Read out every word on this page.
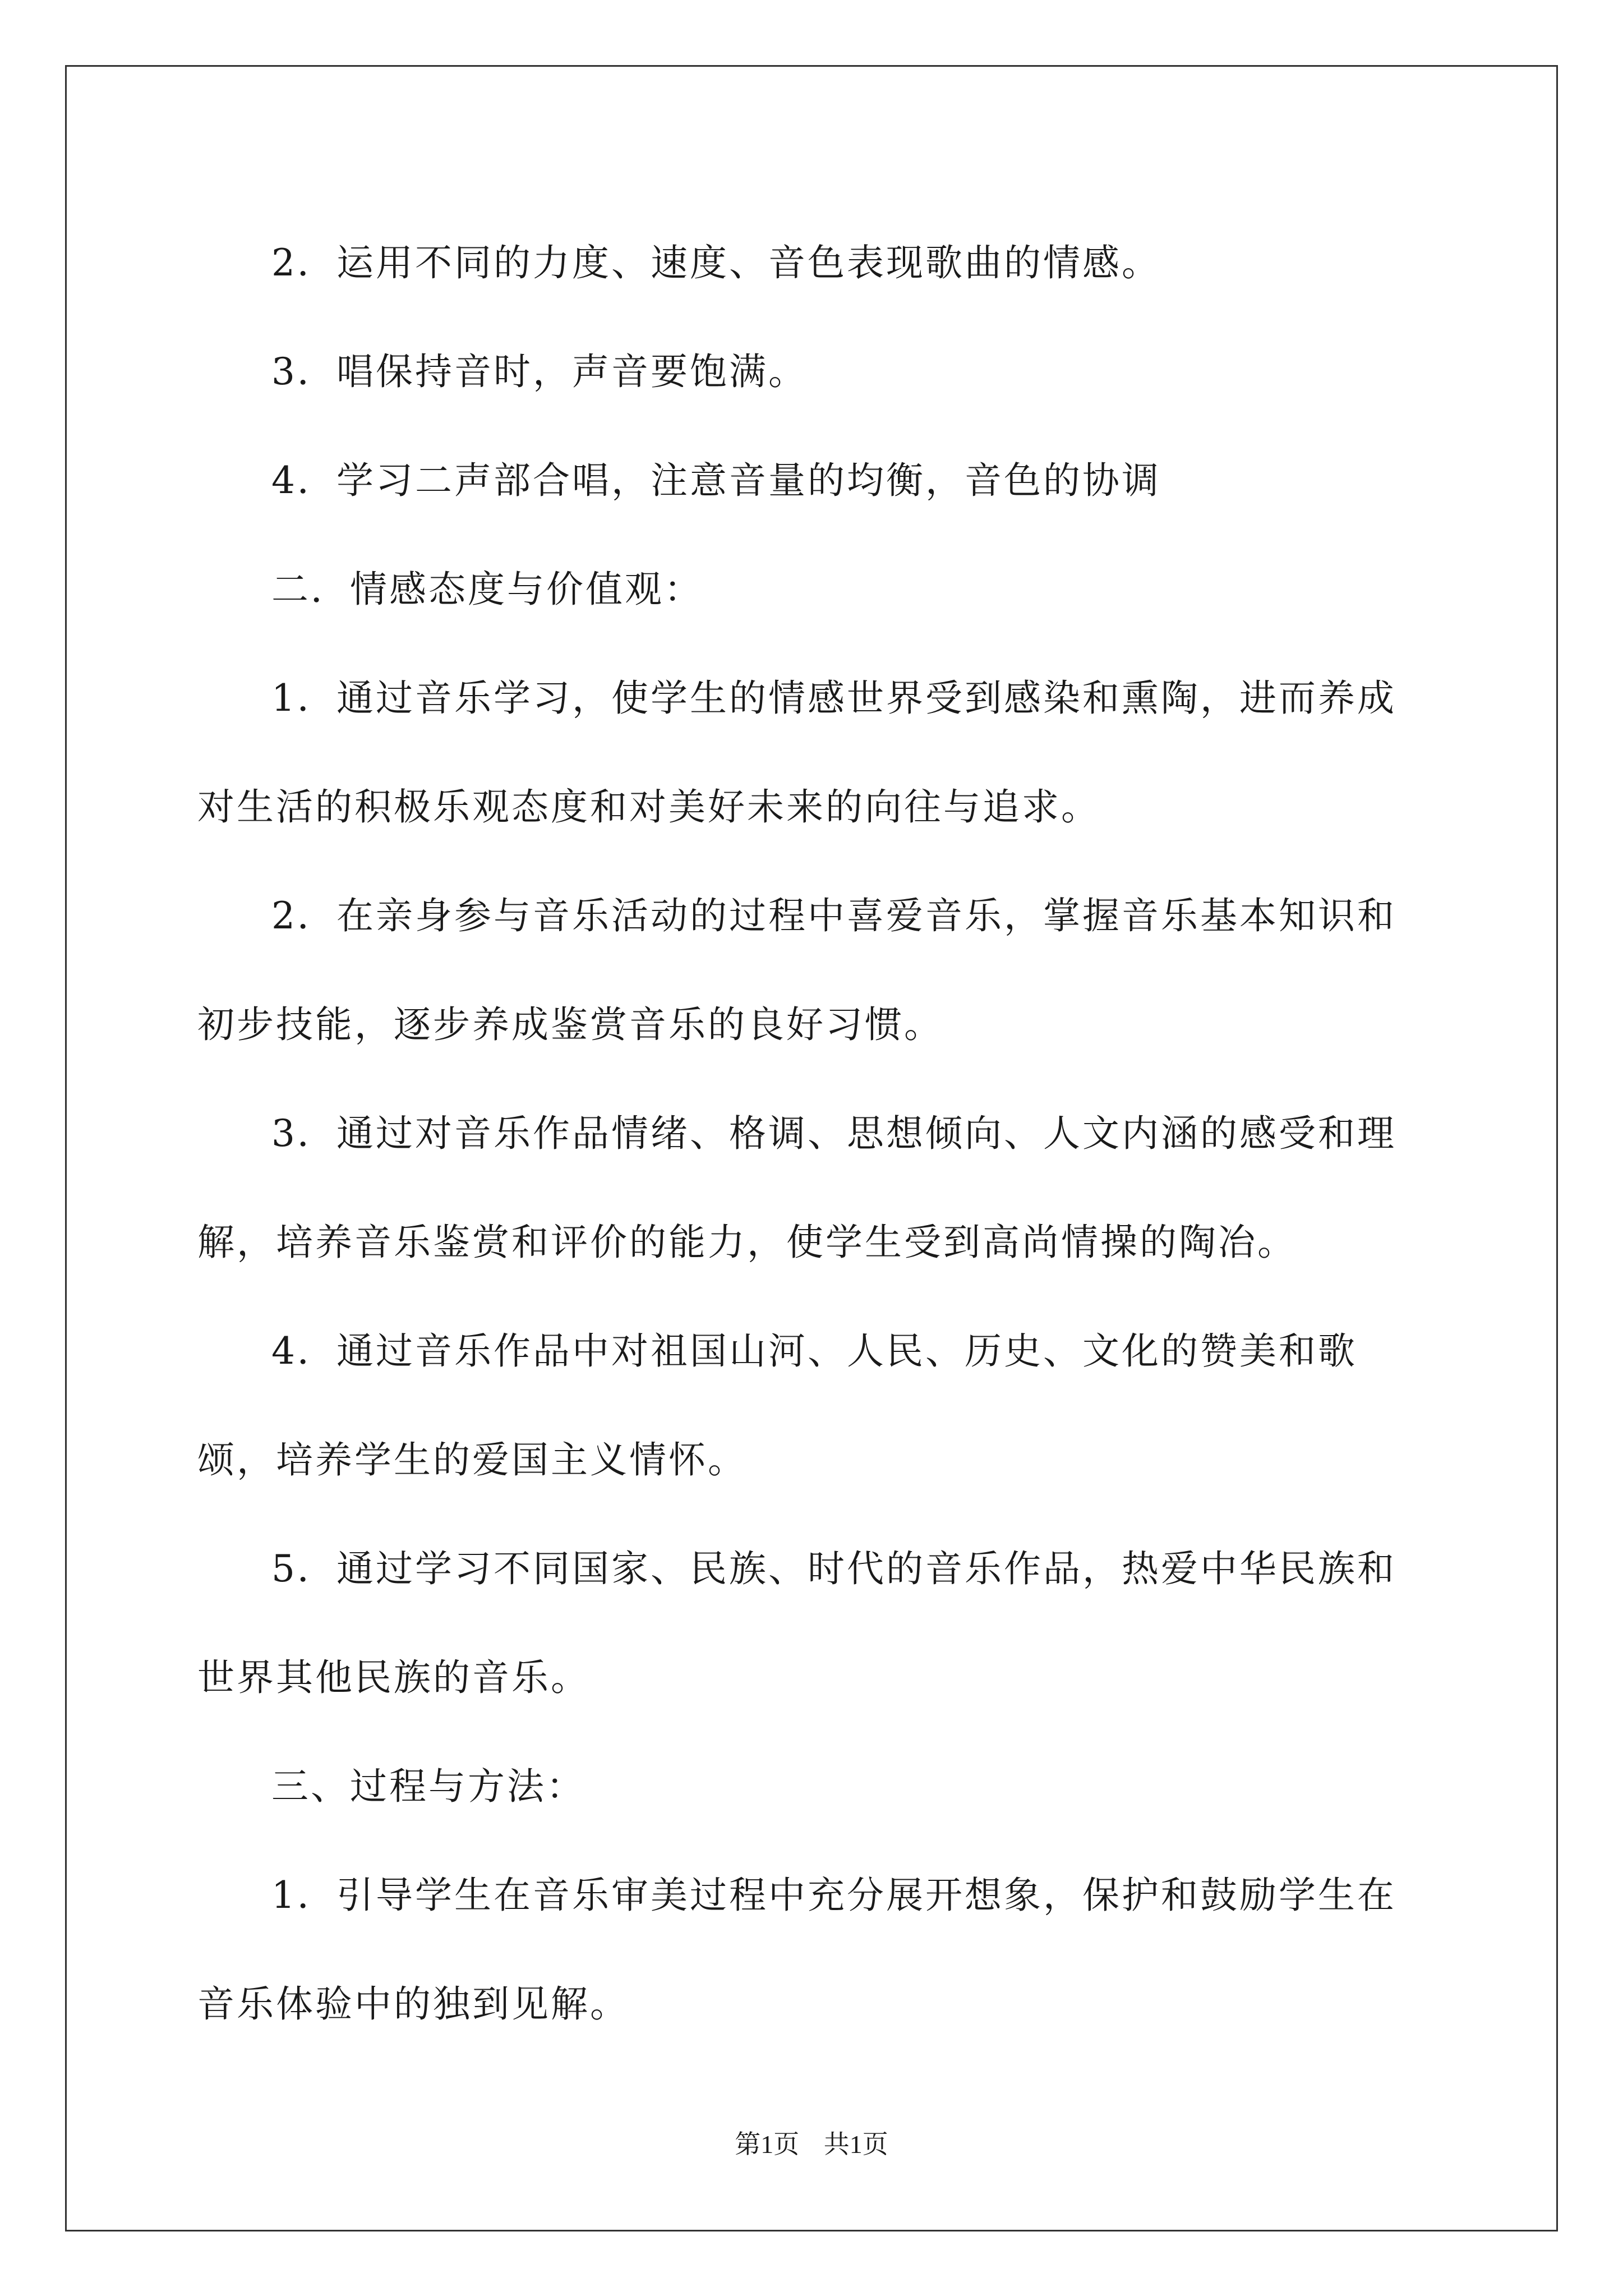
2．运用不同的力度、速度、音色表现歌曲的情感。

3．唱保持音时，声音要饱满。

4．学习二声部合唱，注意音量的均衡，音色的协调

二．情感态度与价值观：

1．通过音乐学习，使学生的情感世界受到感染和熏陶，进而养成对生活的积极乐观态度和对美好未来的向往与追求。

2．在亲身参与音乐活动的过程中喜爱音乐，掌握音乐基本知识和初步技能，逐步养成鉴赏音乐的良好习惯。

3．通过对音乐作品情绪、格调、思想倾向、人文内涵的感受和理解，培养音乐鉴赏和评价的能力，使学生受到高尚情操的陶冶。

4．通过音乐作品中对祖国山河、人民、历史、文化的赞美和歌颂，培养学生的爱国主义情怀。

5．通过学习不同国家、民族、时代的音乐作品，热爱中华民族和世界其他民族的音乐。

三、过程与方法：

1．引导学生在音乐审美过程中充分展开想象，保护和鼓励学生在音乐体验中的独到见解。

第1页 共1页
